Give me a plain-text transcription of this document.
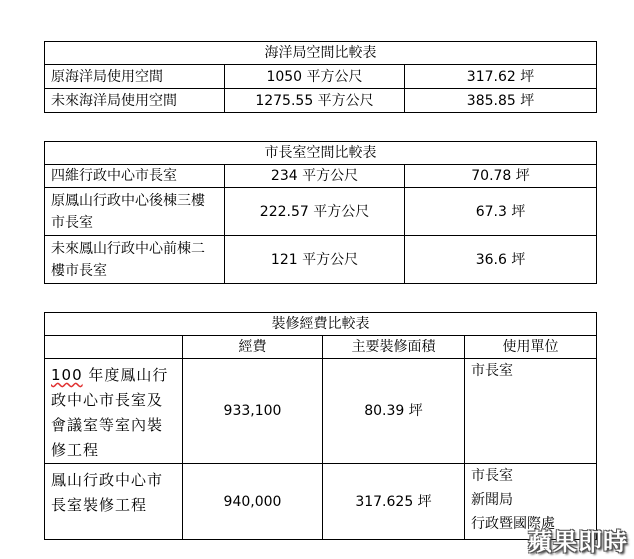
海洋局空間比較表		
原海洋局使用空間	1050 平方公尺	317.62 坪
未來海洋局使用空間	1275.55 平方公尺	385.85 坪
市長室空間比較表		
四維行政中心市長室	234 平方公尺	70.78 坪
原鳳山行政中心後棟三樓市長室	222.57 平方公尺	67.3 坪
未來鳳山行政中心前棟二樓市長室	121 平方公尺	36.6 坪
裝修經費比較表			
	經費	主要裝修面積	使用單位
100 年度鳳山行政中心市長室及會議室等室內裝修工程	933,100	80.39 坪	市長室

鳳山行政中心市長室裝修工程	940,000	317.625 坪	市長室
新聞局
行政暨國際處
蘋果即時
